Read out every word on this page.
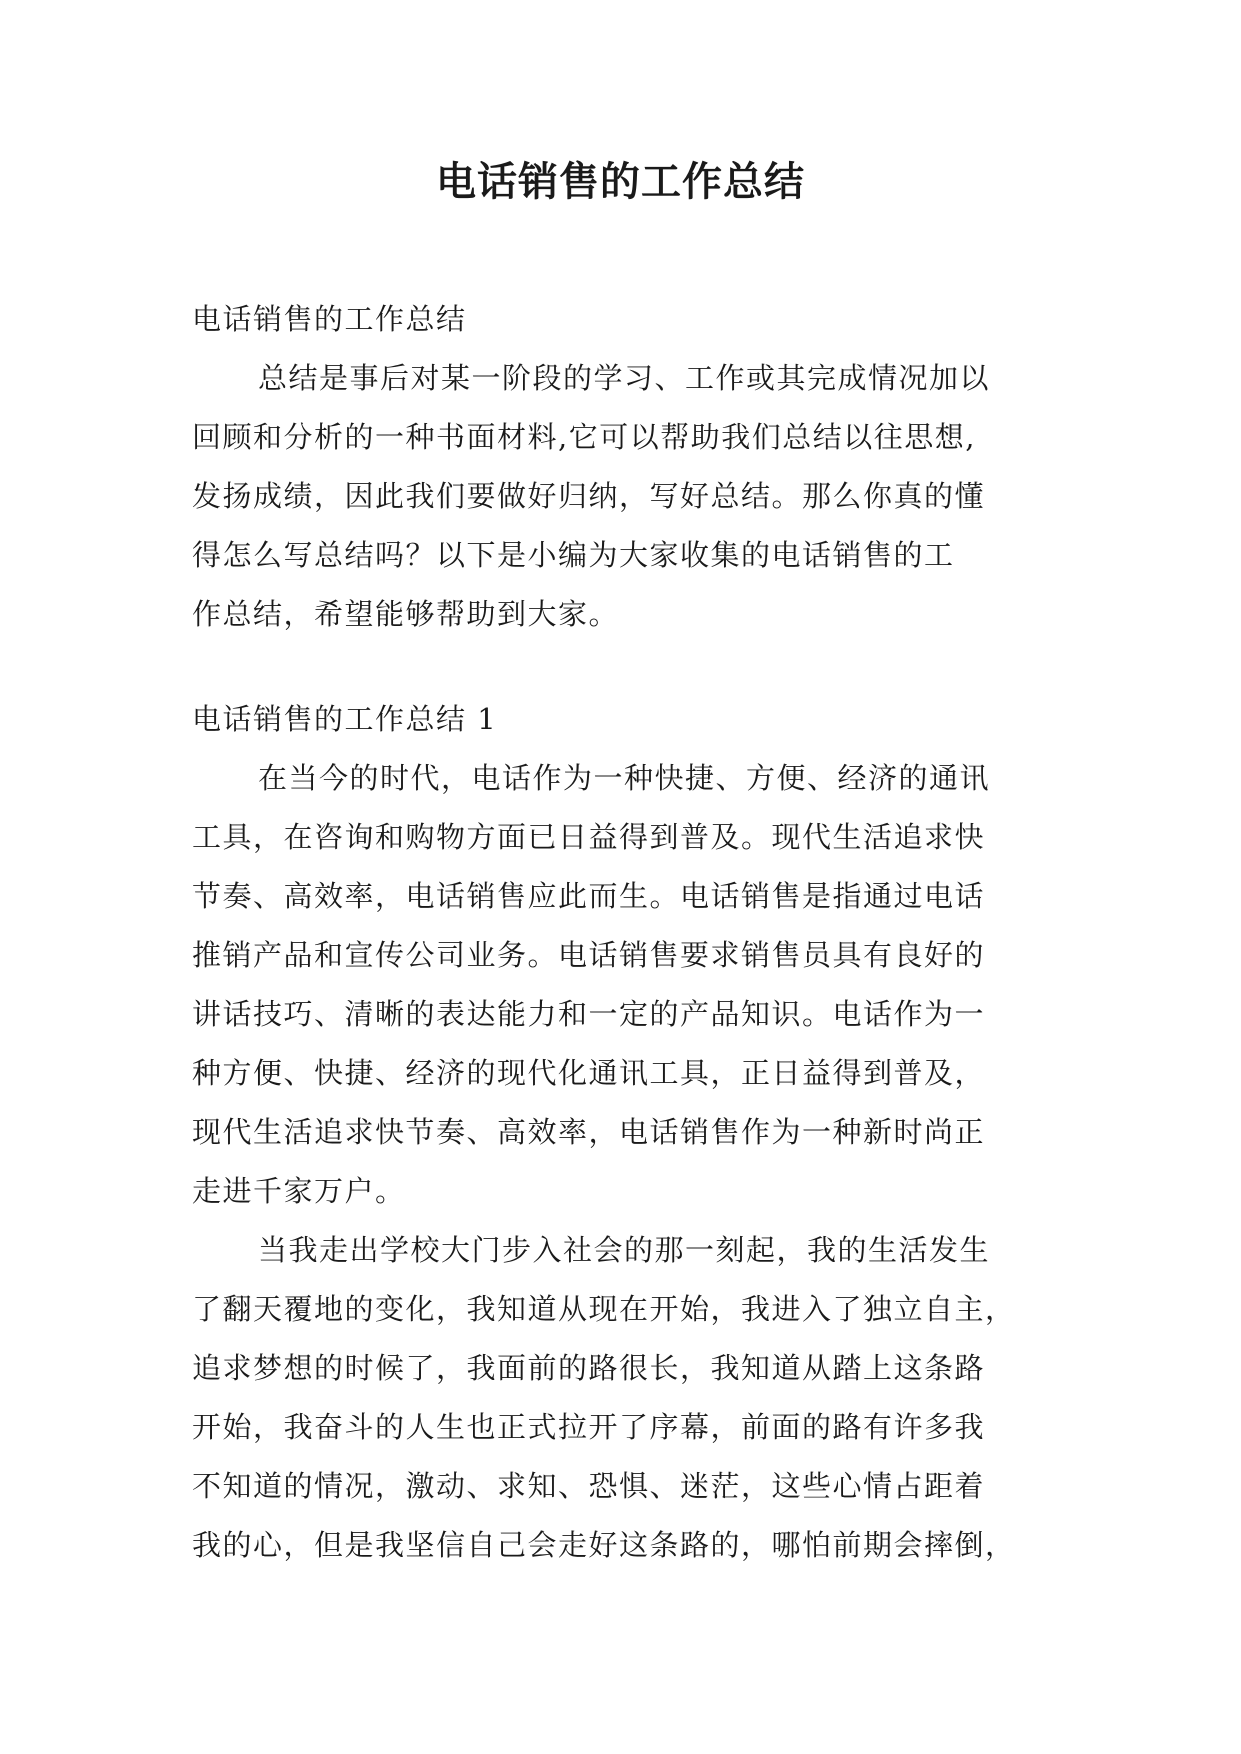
电话销售的工作总结
电话销售的工作总结
总结是事后对某一阶段的学习、工作或其完成情况加以
回顾和分析的一种书面材料,它可以帮助我们总结以往思想,
发扬成绩，因此我们要做好归纳，写好总结。那么你真的懂
得怎么写总结吗？以下是小编为大家收集的电话销售的工
作总结，希望能够帮助到大家。
电话销售的工作总结 1
在当今的时代，电话作为一种快捷、方便、经济的通讯
工具，在咨询和购物方面已日益得到普及。现代生活追求快
节奏、高效率，电话销售应此而生。电话销售是指通过电话
推销产品和宣传公司业务。电话销售要求销售员具有良好的
讲话技巧、清晰的表达能力和一定的产品知识。电话作为一
种方便、快捷、经济的现代化通讯工具，正日益得到普及，
现代生活追求快节奏、高效率，电话销售作为一种新时尚正
走进千家万户。
当我走出学校大门步入社会的那一刻起，我的生活发生
了翻天覆地的变化，我知道从现在开始，我进入了独立自主，
追求梦想的时候了，我面前的路很长，我知道从踏上这条路
开始，我奋斗的人生也正式拉开了序幕，前面的路有许多我
不知道的情况，激动、求知、恐惧、迷茫，这些心情占距着
我的心，但是我坚信自己会走好这条路的，哪怕前期会摔倒，
